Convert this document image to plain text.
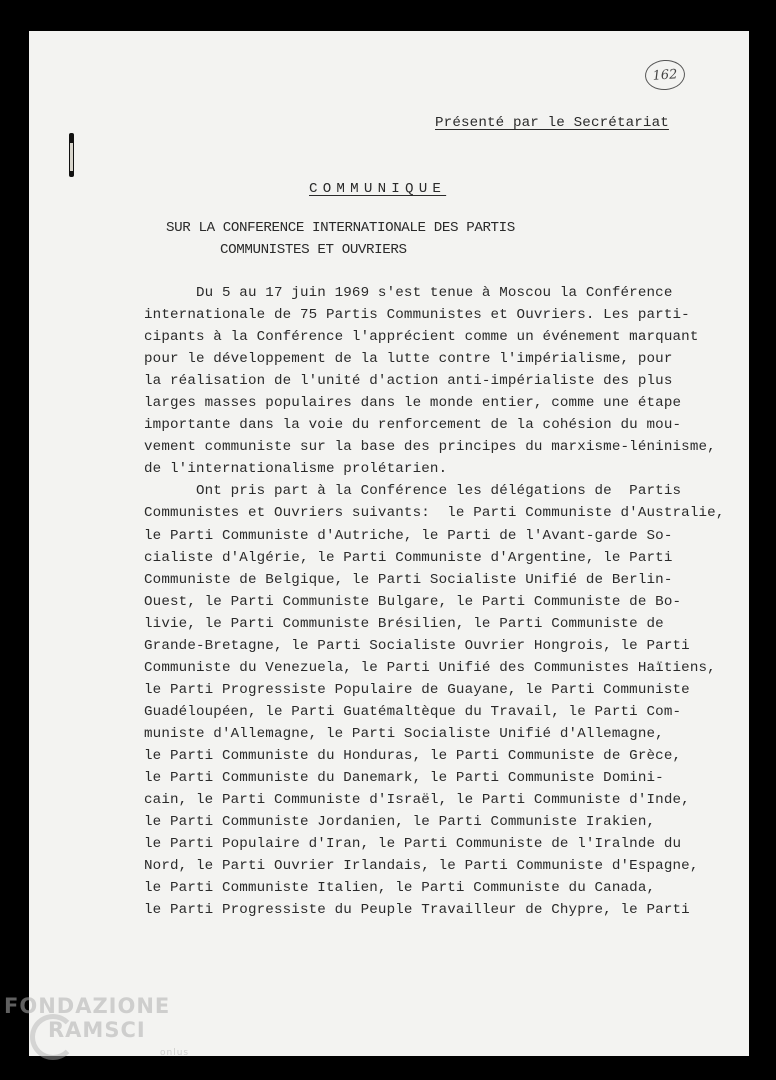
162
Présenté par le Secrétariat
COMMUNIQUE
SUR LA CONFERENCE INTERNATIONALE DES PARTIS
COMMUNISTES ET OUVRIERS
Du 5 au 17 juin 1969 s'est tenue à Moscou la Conférence
internationale de 75 Partis Communistes et Ouvriers. Les parti-
cipants à la Conférence l'apprécient comme un événement marquant
pour le développement de la lutte contre l'impérialisme, pour
la réalisation de l'unité d'action anti-impérialiste des plus
larges masses populaires dans le monde entier, comme une étape
importante dans la voie du renforcement de la cohésion du mou-
vement communiste sur la base des principes du marxisme-léninisme,
de l'internationalisme prolétarien.
Ont pris part à la Conférence les délégations de  Partis
Communistes et Ouvriers suivants:  le Parti Communiste d'Australie,
le Parti Communiste d'Autriche, le Parti de l'Avant-garde So-
cialiste d'Algérie, le Parti Communiste d'Argentine, le Parti
Communiste de Belgique, le Parti Socialiste Unifié de Berlin-
Ouest, le Parti Communiste Bulgare, le Parti Communiste de Bo-
livie, le Parti Communiste Brésilien, le Parti Communiste de
Grande-Bretagne, le Parti Socialiste Ouvrier Hongrois, le Parti
Communiste du Venezuela, le Parti Unifié des Communistes Haïtiens,
le Parti Progressiste Populaire de Guayane, le Parti Communiste
Guadéloupéen, le Parti Guatémaltèque du Travail, le Parti Com-
muniste d'Allemagne, le Parti Socialiste Unifié d'Allemagne,
le Parti Communiste du Honduras, le Parti Communiste de Grèce,
le Parti Communiste du Danemark, le Parti Communiste Domini-
cain, le Parti Communiste d'Israël, le Parti Communiste d'Inde,
le Parti Communiste Jordanien, le Parti Communiste Irakien,
le Parti Populaire d'Iran, le Parti Communiste de l'Iralnde du
Nord, le Parti Ouvrier Irlandais, le Parti Communiste d'Espagne,
le Parti Communiste Italien, le Parti Communiste du Canada,
le Parti Progressiste du Peuple Travailleur de Chypre, le Parti
FONDAZIONE
RAMSCI
onlus
